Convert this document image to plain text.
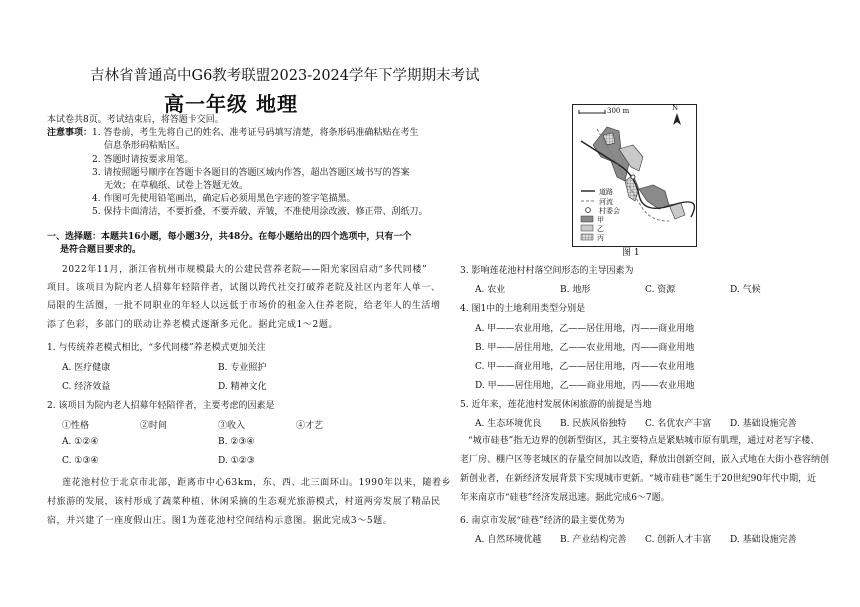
吉林省普通高中G6教考联盟2023-2024学年下学期期末考试
高一年级 地理
本试卷共8页。考试结束后，将答题卡交回。
注意事项： 1. 答卷前，考生先将自己的姓名、准考证号码填写清楚，将条形码准确粘贴在考生
信息条形码粘贴区。
2. 答题时请按要求用笔。
3. 请按照题号顺序在答题卡各题目的答题区域内作答，超出答题区域书写的答案
无效；在草稿纸、试卷上答题无效。
4. 作图可先使用铅笔画出，确定后必须用黑色字迹的签字笔描黑。
5. 保持卡面清洁，不要折叠，不要弄破、弄皱，不准使用涂改液、修正带、刮纸刀。
一、选择题：本题共16小题，每小题3分，共48分。在每小题给出的四个选项中，只有一个
是符合题目要求的。
2022年11月，浙江省杭州市规模最大的公建民营养老院——阳光家园启动“多代同楼”
项目。该项目为院内老人招募年轻陪伴者，试图以跨代社交打破养老院及社区内老年人单一、
局限的生活圈，一批不同职业的年轻人以远低于市场价的租金入住养老院，给老年人的生活增
添了色彩，多部门的联动让养老模式逐渐多元化。据此完成1～2题。
1. 与传统养老模式相比，“多代同楼”养老模式更加关注
A. 医疗健康	B. 专业照护
C. 经济效益	D. 精神文化
2. 该项目为院内老人招募年轻陪伴者，主要考虑的因素是
①性格	②时间	③收入	④才艺
A. ①②④	B. ②③④
C. ①③④	D. ①②③
莲花池村位于北京市北部，距离市中心63km，东、西、北三面环山。1990年以来，随着乡
村旅游的发展，该村形成了蔬菜种植、休闲采摘的生态观光旅游模式，村道两旁发展了精品民
宿，并兴建了一座度假山庄。图1为莲花池村空间结构示意图。据此完成3～5题。
300 m	N
道路
河流
村委会
甲
乙
丙
图 1
3. 影响莲花池村村落空间形态的主导因素为
A. 农业	B. 地形	C. 资源	D. 气候
4. 图1中的土地利用类型分别是
A. 甲——农业用地，乙——居住用地，丙——商业用地
B. 甲——居住用地，乙——农业用地，丙——商业用地
C. 甲——商业用地，乙——居住用地，丙——农业用地
D. 甲——居住用地，乙——商业用地，丙——农业用地
5. 近年来，莲花池村发展休闲旅游的前提是当地
A. 生态环境优良 B. 民族风俗独特 C. 名优农产丰富 D. 基础设施完善
“城市硅巷”指无边界的创新型街区，其主要特点是紧贴城市原有肌理，通过对老写字楼、
老厂房、棚户区等老城区的存量空间加以改造，释放出创新空间，嵌入式地在大街小巷容纳创
新创业者，在新经济发展背景下实现城市更新。“城市硅巷”诞生于20世纪90年代中期，近
年来南京市“硅巷”经济发展迅速。据此完成6～7题。
6. 南京市发展“硅巷”经济的最主要优势为
A. 自然环境优越 B. 产业结构完善 C. 创新人才丰富 D. 基础设施完善
